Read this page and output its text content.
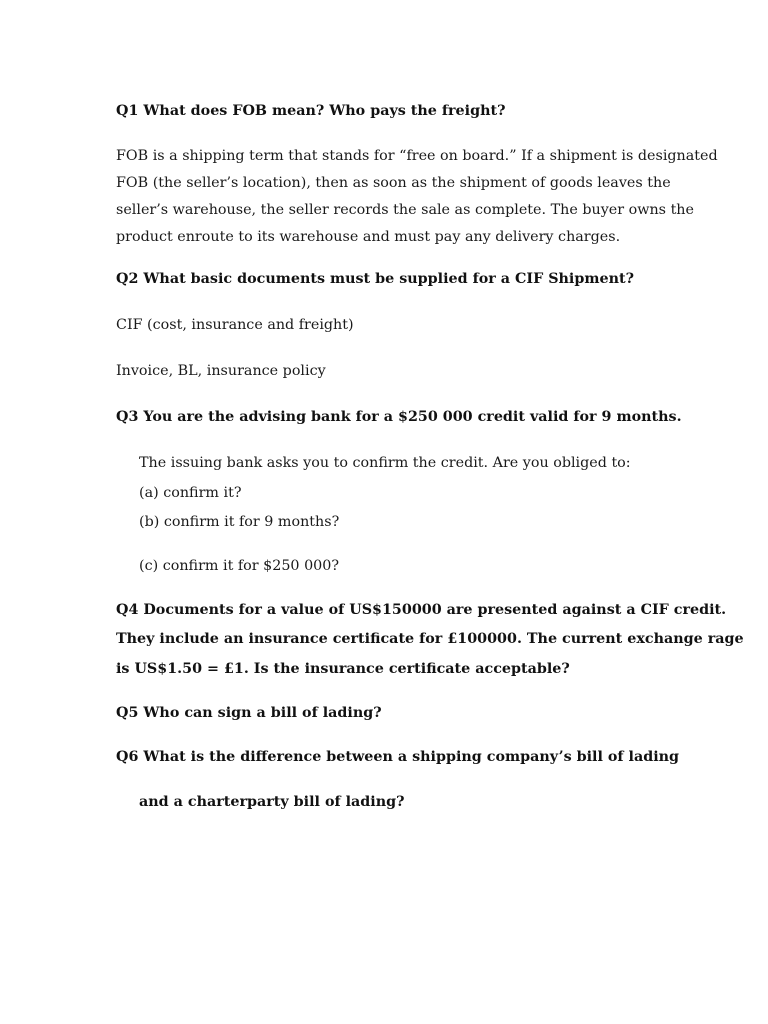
Q1 What does FOB mean? Who pays the freight?
FOB is a shipping term that stands for “free on board.” If a shipment is designated
FOB (the seller’s location), then as soon as the shipment of goods leaves the
seller’s warehouse, the seller records the sale as complete. The buyer owns the
product enroute to its warehouse and must pay any delivery charges.
Q2 What basic documents must be supplied for a CIF Shipment?
CIF (cost, insurance and freight)
Invoice, BL, insurance policy
Q3 You are the advising bank for a $250 000 credit valid for 9 months.
The issuing bank asks you to confirm the credit. Are you obliged to:
(a) confirm it?
(b) confirm it for 9 months?
(c) confirm it for $250 000?
Q4 Documents for a value of US$150000 are presented against a CIF credit.
They include an insurance certificate for £100000. The current exchange rage
is US$1.50 = £1. Is the insurance certificate acceptable?
Q5 Who can sign a bill of lading?
Q6 What is the difference between a shipping company’s bill of lading
and a charterparty bill of lading?
